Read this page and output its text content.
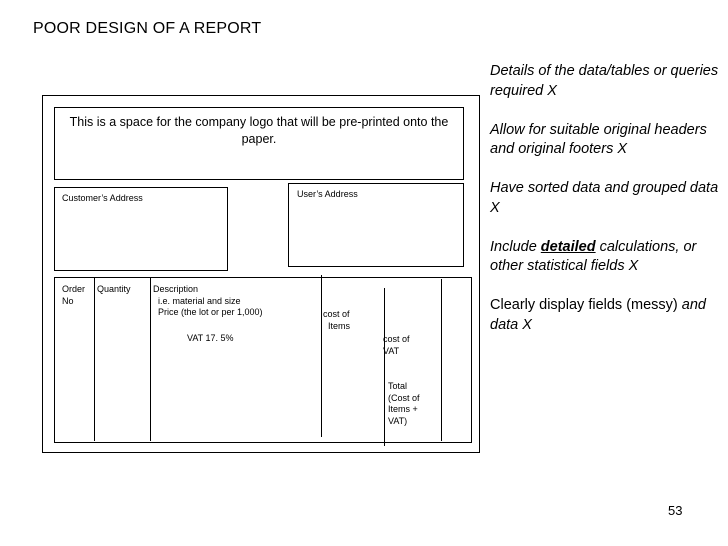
POOR DESIGN OF A REPORT
This is a space for the company logo that will be pre-printed onto the paper.
Customer’s Address	User’s Address
Order
No
Quantity Description
i.e. material and size
Price (the lot or per 1,000)
VAT 17. 5%
cost of
Items
cost of
VAT
Total
(Cost of
Items +
VAT)

Details of the data/tables or queries required X

Allow for suitable original headers and original footers X

Have sorted data and grouped data X

Include detailed calculations, or other statistical fields X

Clearly display fields (messy) and data X

53
